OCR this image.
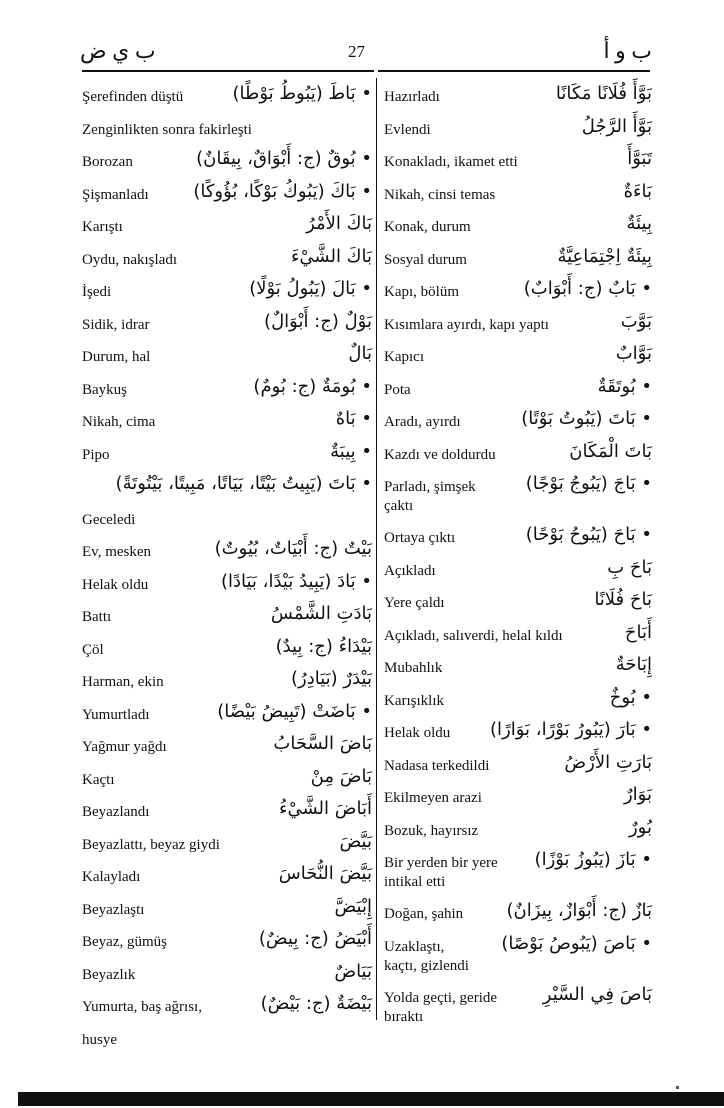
ب ي ض	27	ب و أ
Şerefinden düştü	• بَاطَ (يَبُوطُ بَوْطًا)
Zenginlikten sonra fakirleşti
Borozan	• بُوقٌ (ج: أَبْوَاقٌ، بِيقَانٌ)
Şişmanladı • بَاكَ (يَبُوكُ بَوْكًا، بُؤُوكًا)
Karıştı	بَاكَ الأَمْرُ
Oydu, nakışladı	بَاكَ الشَّيْءَ
İşedi	• بَالَ (يَبُولُ بَوْلًا)
Sidik, idrar	بَوْلٌ (ج: أَبْوَالٌ)
Durum, hal	بَالٌ
Baykuş	• بُومَةٌ (ج: بُومٌ)
Nikah, cima	• بَاهٌ
Pipo	• بِيبَةٌ
• بَاتَ (يَبِيتُ بَيْتًا، بَيَاتًا، مَبِيتًا، بَيْتُوتَةً)
Geceledi
Ev, mesken	بَيْتٌ (ج: أَبْيَاتٌ، بُيُوتٌ)
Helak oldu	• بَادَ (يَبِيدُ بَيْدًا، بَيَادًا)
Battı	بَادَتِ الشَّمْسُ
Çöl	بَيْدَاءُ (ج: بِيدٌ)
Harman, ekin	بَيْدَرٌ (بَيَادِرُ)
Yumurtladı	• بَاضَتْ (تَبِيضُ بَيْضًا)
Yağmur yağdı	بَاضَ السَّحَابُ
Kaçtı	بَاضَ مِنْ
Beyazlandı	أَبَاضَ الشَّيْءُ
Beyazlattı, beyaz giydi	بَيَّضَ
Kalayladı	بَيَّضَ النُّحَاسَ
Beyazlaştı	إِبْيَضَّ
Beyaz, gümüş	أَبْيَضُ (ج: بِيضٌ)
Beyazlık	بَيَاضٌ
Yumurta, baş ağrısı,	بَيْضَةٌ (ج: بَيْضٌ)
husye
Hazırladı	بَوَّأَ فُلَانًا مَكَانًا
Evlendi	بَوَّأَ الرَّجُلُ
Konakladı, ikamet etti	تَبَوَّأَ
Nikah, cinsi temas	بَاءَةٌ
Konak, durum	بِيئَةٌ
Sosyal durum	بِيئَةٌ اِجْتِمَاعِيَّةٌ
Kapı, bölüm	• بَابٌ (ج: أَبْوَابٌ)
Kısımlara ayırdı, kapı yaptı	بَوَّبَ
Kapıcı	بَوَّابٌ
Pota	• بُوتَقَةٌ
Aradı, ayırdı	• بَاتَ (يَبُوتُ بَوْتًا)
Kazdı ve doldurdu	بَاتَ الْمَكَانَ
Parladı, şimşek	• بَاجَ (يَبُوجُ بَوْجًا)
çaktı
Ortaya çıktı	• بَاحَ (يَبُوحُ بَوْحًا)
Açıkladı	بَاحَ بِ
Yere çaldı	بَاحَ فُلَانًا
Açıkladı, salıverdi, helal kıldı	أَبَاحَ
Mubahlık	إِبَاحَةٌ
Karışıklık	• بُوخٌ
Helak oldu • بَارَ (يَبُورُ بَوْرًا، بَوَارًا)
Nadasa terkedildi	بَارَتِ الأَرْضُ
Ekilmeyen arazi	بَوَارٌ
Bozuk, hayırsız	بُورٌ
Bir yerden bir yere • بَازَ (يَبُوزُ بَوْزًا)
intikal etti
Doğan, şahin بَازٌ (ج: أَبْوَازٌ، بِيزَانٌ)
Uzaklaştı,	• بَاصَ (يَبُوصُ بَوْصًا)
kaçtı, gizlendi
Yolda geçti, geride	بَاصَ فِي السَّيْرِ
bıraktı
